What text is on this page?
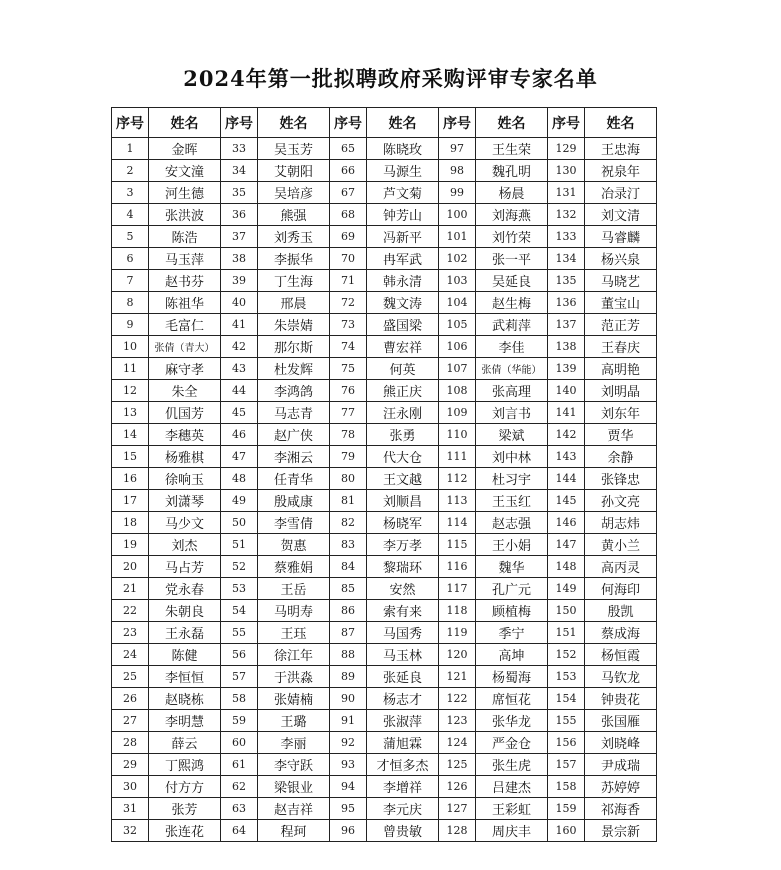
2024年第一批拟聘政府采购评审专家名单
序号	姓名	序号	姓名	序号	姓名	序号	姓名	序号	姓名
1	金晖	33	吴玉芳	65	陈晓玫	97	王生荣	129	王忠海
2	安文潼	34	艾朝阳	66	马源生	98	魏孔明	130	祝泉年
3	河生德	35	吴培彦	67	芦文菊	99	杨晨	131	冶录汀
4	张洪波	36	熊强	68	钟芳山	100	刘海燕	132	刘文清
5	陈浩	37	刘秀玉	69	冯新平	101	刘竹荣	133	马睿麟
6	马玉萍	38	李振华	70	冉军武	102	张一平	134	杨兴泉
7	赵书芬	39	丁生海	71	韩永清	103	吴延良	135	马晓艺
8	陈祖华	40	邢晨	72	魏文涛	104	赵生梅	136	董宝山
9	毛富仁	41	朱崇婧	73	盛国梁	105	武莉萍	137	范正芳
10	张倩（青大）	42	那尔斯	74	曹宏祥	106	李佳	138	王春庆
11	麻守孝	43	杜发辉	75	何英	107	张倩（华能）	139	高明艳
12	朱全	44	李鸿鸽	76	熊正庆	108	张高理	140	刘明晶
13	仉国芳	45	马志青	77	汪永刚	109	刘言书	141	刘东年
14	李穗英	46	赵广侠	78	张勇	110	梁斌	142	贾华
15	杨雅棋	47	李湘云	79	代大仓	111	刘中林	143	余静
16	徐响玉	48	任青华	80	王文越	112	杜习宇	144	张锋忠
17	刘潇琴	49	殷咸康	81	刘顺昌	113	王玉红	145	孙文亮
18	马少文	50	李雪倩	82	杨晓军	114	赵志强	146	胡志炜
19	刘杰	51	贺惠	83	李万孝	115	王小娟	147	黄小兰
20	马占芳	52	蔡雅娟	84	黎瑞环	116	魏华	148	高丙灵
21	党永春	53	王岳	85	安然	117	孔广元	149	何海印
22	朱朝良	54	马明寿	86	索有来	118	顾植梅	150	殷凯
23	王永磊	55	王珏	87	马国秀	119	季宁	151	蔡成海
24	陈健	56	徐江年	88	马玉林	120	高坤	152	杨恒霞
25	李恒恒	57	于洪淼	89	张延良	121	杨蜀海	153	马钦龙
26	赵晓栋	58	张婧楠	90	杨志才	122	席恒花	154	钟贵花
27	李明慧	59	王璐	91	张淑萍	123	张华龙	155	张国雁
28	薛云	60	李丽	92	蒲旭霖	124	严金仓	156	刘晓峰
29	丁熙鸿	61	李守跃	93	才恒多杰	125	张生虎	157	尹成瑞
30	付方方	62	梁银业	94	李增祥	126	吕建杰	158	苏婷婷
31	张芳	63	赵吉祥	95	李元庆	127	王彩虹	159	祁海香
32	张连花	64	程珂	96	曾贵敏	128	周庆丰	160	景宗新
